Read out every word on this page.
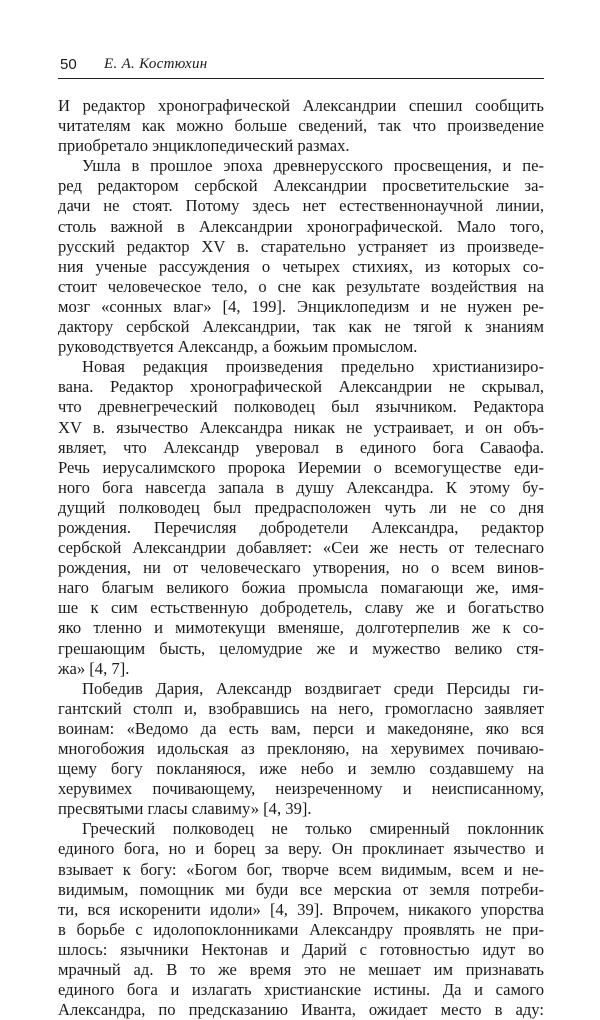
50 Е. А. Костюхин
И редактор хронографической Александрии спешил сообщить
читателям как можно больше сведений, так что произведение
приобретало энциклопедический размах.
Ушла в прошлое эпоха древнерусского просвещения, и пе-
ред редактором сербской Александрии просветительские за-
дачи не стоят. Потому здесь нет естественнонаучной линии,
столь важной в Александрии хронографической. Мало того,
русский редактор XV в. старательно устраняет из произведе-
ния ученые рассуждения о четырех стихиях, из которых со-
стоит человеческое тело, о сне как результате воздействия на
мозг «сонных влаг» [4, 199]. Энциклопедизм и не нужен ре-
дактору сербской Александрии, так как не тягой к знаниям
руководствуется Александр, а божьим промыслом.
Новая редакция произведения предельно христианизиро-
вана. Редактор хронографической Александрии не скрывал,
что древнегреческий полководец был язычником. Редактора
XV в. язычество Александра никак не устраивает, и он объ-
являет, что Александр уверовал в единого бога Саваофа.
Речь иерусалимского пророка Иеремии о всемогуществе еди-
ного бога навсегда запала в душу Александра. К этому бу-
дущий полководец был предрасположен чуть ли не со дня
рождения. Перечисляя добродетели Александра, редактор
сербской Александрии добавляет: «Сеи же несть от телеснаго
рождения, ни от человеческаго утворения, но о всем винов-
наго благым великого божиа промысла помагающи же, имя-
ше к сим естьственную добродетель, славу же и богатьство
яко тленно и мимотекущи вменяше, долготерпелив же к со-
грешающим бысть, целомудрие же и мужество велико стя-
жа» [4, 7].
Победив Дария, Александр воздвигает среди Персиды ги-
гантский столп и, взобравшись на него, громогласно заявляет
воинам: «Ведомо да есть вам, перси и македоняне, яко вся
многобожия идольская аз преклоняю, на херувимех почиваю-
щему богу покланяюся, иже небо и землю создавшему на
херувимех почивающему, неизреченному и неисписанному,
пресвятыми гласы славиму» [4, 39].
Греческий полководец не только смиренный поклонник
единого бога, но и борец за веру. Он проклинает язычество и
взывает к богу: «Богом бог, творче всем видимым, всем и не-
видимым, помощник ми буди все мерскиа от земля потреби-
ти, вся искоренити идоли» [4, 39]. Впрочем, никакого упорства
в борьбе с идолопоклонниками Александру проявлять не при-
шлось: язычники Нектонав и Дарий с готовностью идут во
мрачный ад. В то же время это не мешает им признавать
единого бога и излагать христианские истины. Да и самого
Александра, по предсказанию Иванта, ожидает место в аду:
